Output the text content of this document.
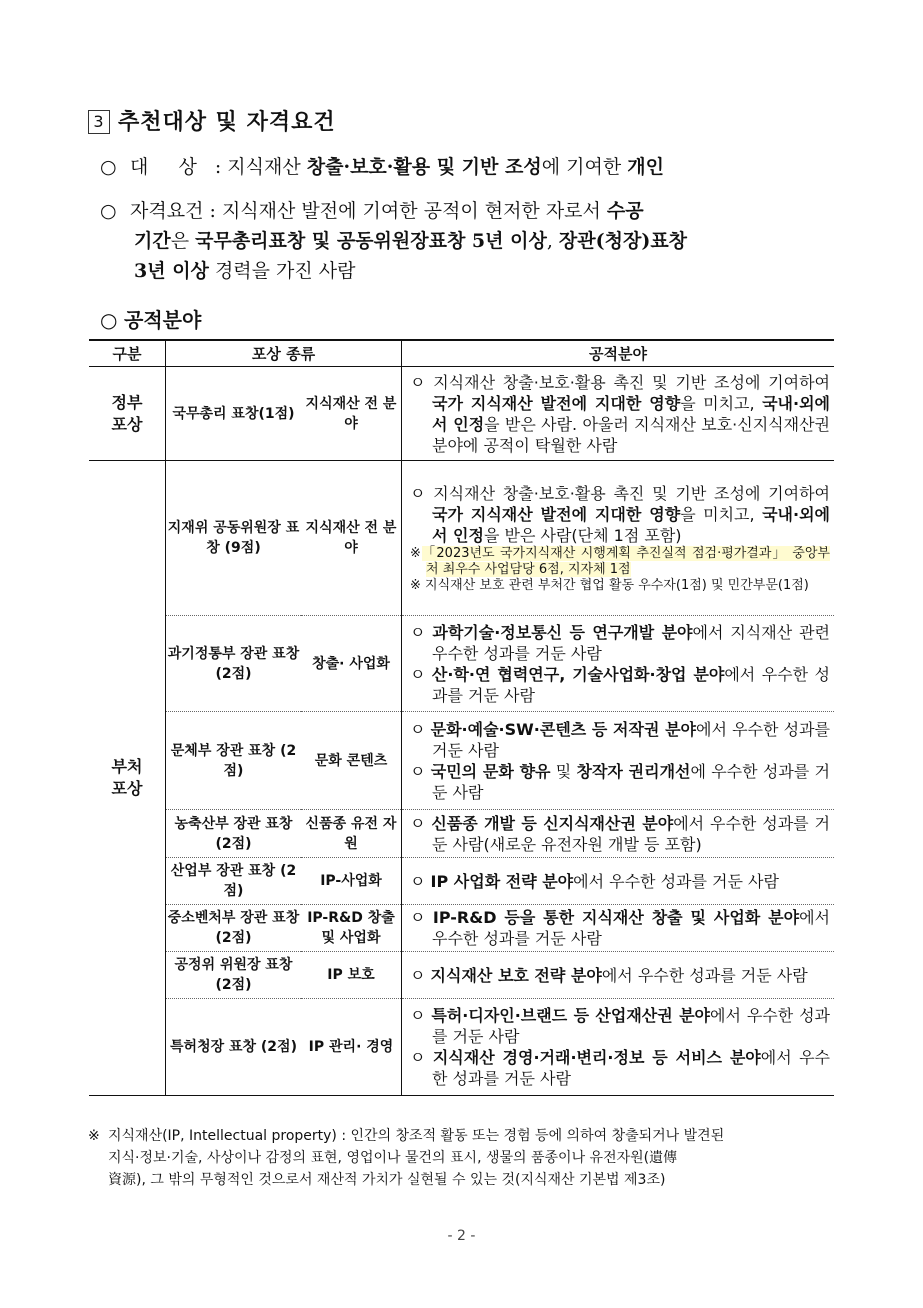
3 추천대상 및 자격요건
○ 대 상 : 지식재산 창출·보호·활용 및 기반 조성에 기여한 개인
○ 자격요건 : 지식재산 발전에 기여한 공적이 현저한 자로서 수공
기간은 국무총리표창 및 공동위원장표창 5년 이상, 장관(청장)표창
3년 이상 경력을 가진 사람
○ 공적분야
구분	포상 종류		공적분야
정부 포상	국무총리 표창(1점)	지식재산 전 분야	ㅇ 지식재산 창출·보호·활용 촉진 및 기반 조성에 기여하여 국가 지식재산 발전에 지대한 영향을 미치고, 국내·외에서 인정을 받은 사람. 아울러 지식재산 보호·신지식재산권 분야에 공적이 탁월한 사람

부처 포상	지재위 공동위원장 표창 (9점)	지식재산 전 분야	ㅇ 지식재산 창출·보호·활용 촉진 및 기반 조성에 기여하여 국가 지식재산 발전에 지대한 영향을 미치고, 국내·외에서 인정을 받은 사람(단체 1점 포함)

※「2023년도 국가지식재산 시행계획 추진실적 점검·평가결과」 중앙부처 최우수 사업담당 6점, 지자체 1점

※ 지식재산 보호 관련 부처간 협업 활동 우수자(1점) 및 민간부문(1점)

	과기정통부 장관 표창 (2점)	창출· 사업화	ㅇ 과학기술·정보통신 등 연구개발 분야에서 지식재산 관련 우수한 성과를 거둔 사람

ㅇ 산·학·연 협력연구, 기술사업화·창업 분야에서 우수한 성과를 거둔 사람

	문체부 장관 표창 (2점)	문화 콘텐츠	ㅇ 문화·예술·SW·콘텐츠 등 저작권 분야에서 우수한 성과를 거둔 사람

ㅇ 국민의 문화 향유 및 창작자 권리개선에 우수한 성과를 거둔 사람

	농축산부 장관 표창 (2점)	신품종 유전 자원	ㅇ 신품종 개발 등 신지식재산권 분야에서 우수한 성과를 거둔 사람(새로운 유전자원 개발 등 포함)

	산업부 장관 표창 (2점)	IP-사업화	ㅇ IP 사업화 전략 분야에서 우수한 성과를 거둔 사람

	중소벤처부 장관 표창 (2점)	IP-R&D 창출 및 사업화	ㅇ IP-R&D 등을 통한 지식재산 창출 및 사업화 분야에서 우수한 성과를 거둔 사람

	공정위 위원장 표창 (2점)	IP 보호	ㅇ 지식재산 보호 전략 분야에서 우수한 성과를 거둔 사람

	특허청장 표창 (2점)	IP 관리· 경영	ㅇ 특허·디자인·브랜드 등 산업재산권 분야에서 우수한 성과를 거둔 사람

ㅇ 지식재산 경영·거래·변리·정보 등 서비스 분야에서 우수한 성과를 거둔 사람

※ 지식재산(IP, Intellectual property) : 인간의 창조적 활동 또는 경험 등에 의하여 창출되거나 발견된
지식·정보·기술, 사상이나 감정의 표현, 영업이나 물건의 표시, 생물의 품종이나 유전자원(遺傳
資源), 그 밖의 무형적인 것으로서 재산적 가치가 실현될 수 있는 것(지식재산 기본법 제3조)
- 2 -
